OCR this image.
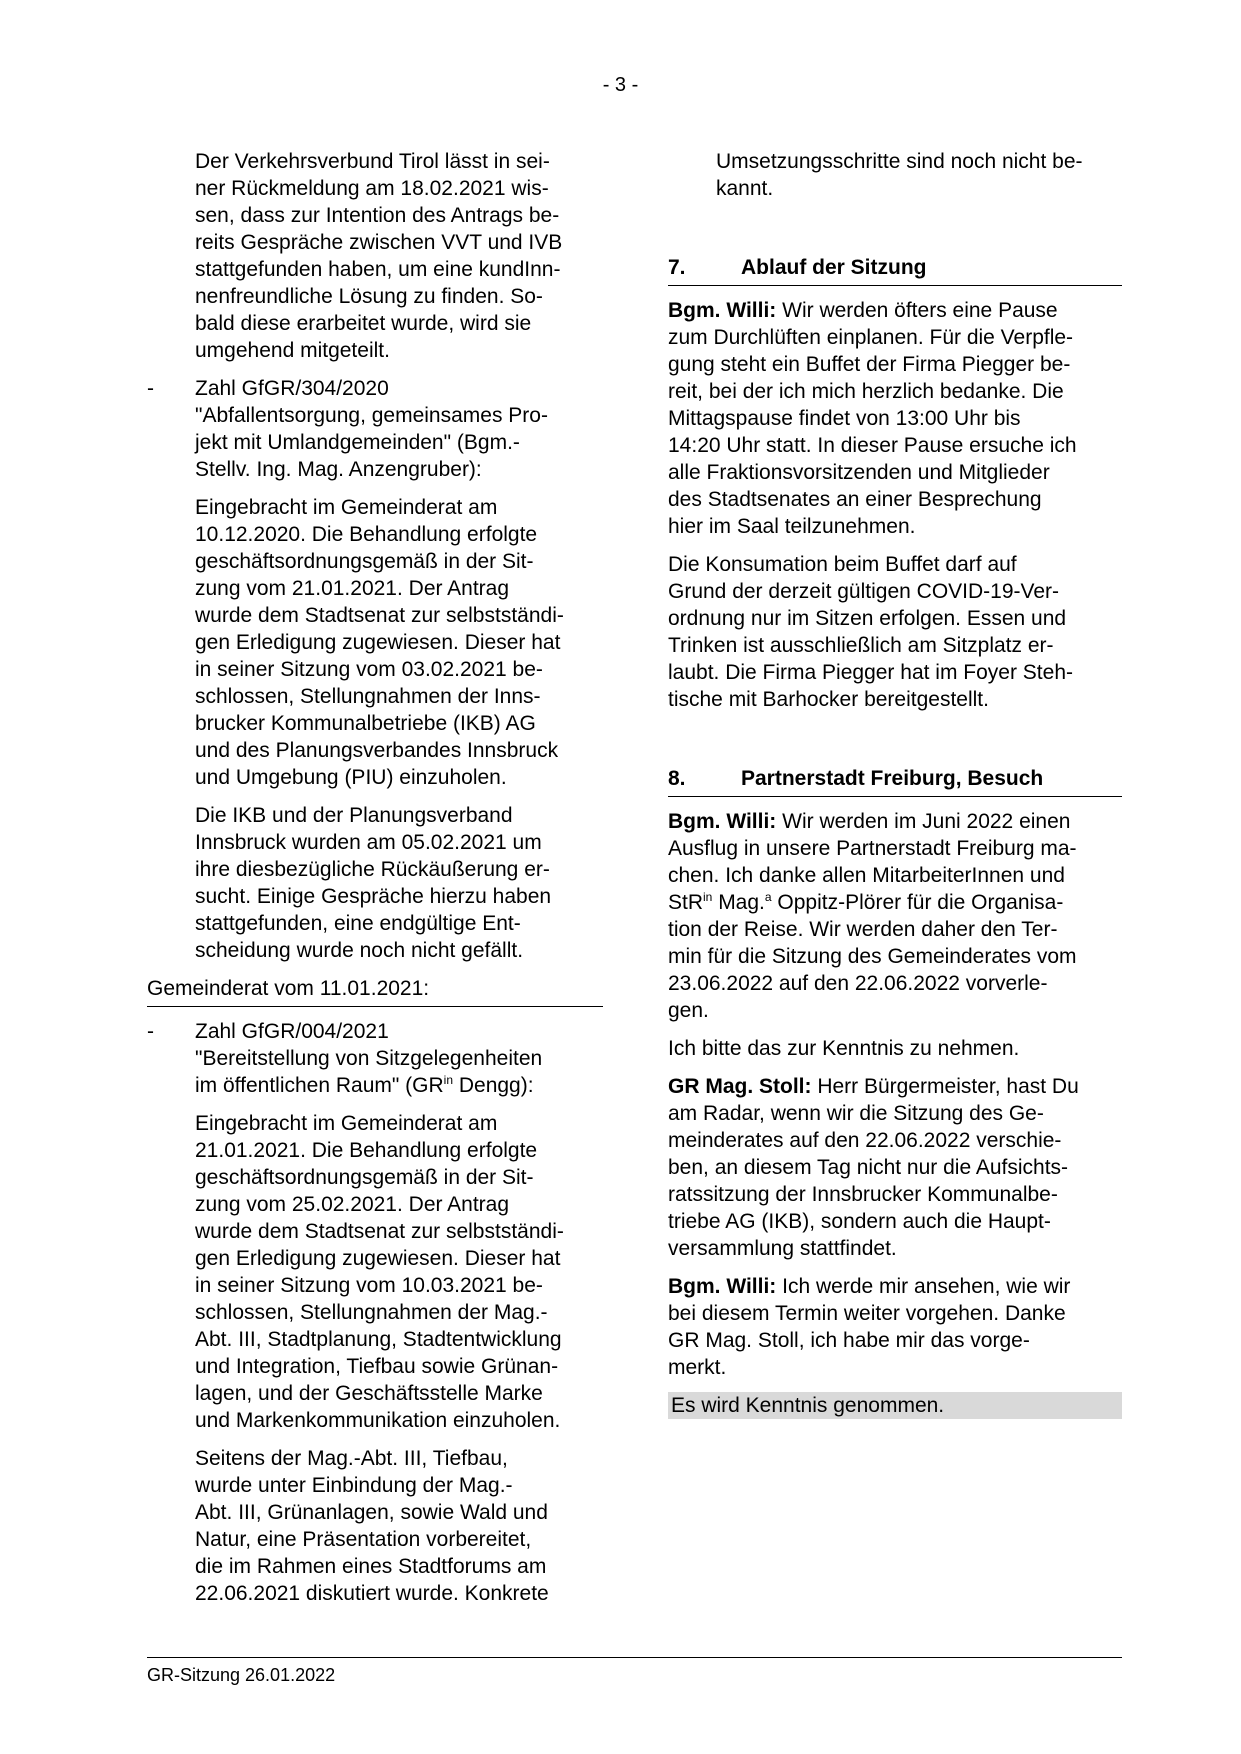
- 3 -
Der Verkehrsverbund Tirol lässt in sei-
ner Rückmeldung am 18.02.2021 wis-
sen, dass zur Intention des Antrags be-
reits Gespräche zwischen VVT und IVB
stattgefunden haben, um eine kundInn-
nenfreundliche Lösung zu finden. So-
bald diese erarbeitet wurde, wird sie
umgehend mitgeteilt.
- Zahl GfGR/304/2020
"Abfallentsorgung, gemeinsames Pro-
jekt mit Umlandgemeinden" (Bgm.-
Stellv. Ing. Mag. Anzengruber):
Eingebracht im Gemeinderat am
10.12.2020. Die Behandlung erfolgte
geschäftsordnungsgemäß in der Sit-
zung vom 21.01.2021. Der Antrag
wurde dem Stadtsenat zur selbstständi-
gen Erledigung zugewiesen. Dieser hat
in seiner Sitzung vom 03.02.2021 be-
schlossen, Stellungnahmen der Inns-
brucker Kommunalbetriebe (IKB) AG
und des Planungsverbandes Innsbruck
und Umgebung (PIU) einzuholen.
Die IKB und der Planungsverband
Innsbruck wurden am 05.02.2021 um
ihre diesbezügliche Rückäußerung er-
sucht. Einige Gespräche hierzu haben
stattgefunden, eine endgültige Ent-
scheidung wurde noch nicht gefällt.
Gemeinderat vom 11.01.2021:
- Zahl GfGR/004/2021
"Bereitstellung von Sitzgelegenheiten
im öffentlichen Raum" ($GR^{in}$ Dengg):
Eingebracht im Gemeinderat am
21.01.2021. Die Behandlung erfolgte
geschäftsordnungsgemäß in der Sit-
zung vom 25.02.2021. Der Antrag
wurde dem Stadtsenat zur selbstständi-
gen Erledigung zugewiesen. Dieser hat
in seiner Sitzung vom 10.03.2021 be-
schlossen, Stellungnahmen der Mag.-
Abt. III, Stadtplanung, Stadtentwicklung
und Integration, Tiefbau sowie Grünan-
lagen, und der Geschäftsstelle Marke
und Markenkommunikation einzuholen.
Seitens der Mag.-Abt. III, Tiefbau,
wurde unter Einbindung der Mag.-
Abt. III, Grünanlagen, sowie Wald und
Natur, eine Präsentation vorbereitet,
die im Rahmen eines Stadtforums am
22.06.2021 diskutiert wurde. Konkrete
Umsetzungsschritte sind noch nicht be-
kannt.
7.	Ablauf der Sitzung
Bgm. Willi: Wir werden öfters eine Pause
zum Durchlüften einplanen. Für die Verpfle-
gung steht ein Buffet der Firma Piegger be-
reit, bei der ich mich herzlich bedanke. Die
Mittagspause findet von 13:00 Uhr bis
14:20 Uhr statt. In dieser Pause ersuche ich
alle Fraktionsvorsitzenden und Mitglieder
des Stadtsenates an einer Besprechung
hier im Saal teilzunehmen.
Die Konsumation beim Buffet darf auf
Grund der derzeit gültigen COVID-19-Ver-
ordnung nur im Sitzen erfolgen. Essen und
Trinken ist ausschließlich am Sitzplatz er-
laubt. Die Firma Piegger hat im Foyer Steh-
tische mit Barhocker bereitgestellt.
8.	Partnerstadt Freiburg, Besuch
Bgm. Willi: Wir werden im Juni 2022 einen
Ausflug in unsere Partnerstadt Freiburg ma-
chen. Ich danke allen MitarbeiterInnen und
StR$^{in}$ Mag.$^a$ Oppitz-Plörer für die Organisa-
tion der Reise. Wir werden daher den Ter-
min für die Sitzung des Gemeinderates vom
23.06.2022 auf den 22.06.2022 vorverle-
gen.
Ich bitte das zur Kenntnis zu nehmen.
GR Mag. Stoll: Herr Bürgermeister, hast Du
am Radar, wenn wir die Sitzung des Ge-
meinderates auf den 22.06.2022 verschie-
ben, an diesem Tag nicht nur die Aufsichts-
ratssitzung der Innsbrucker Kommunalbe-
triebe AG (IKB), sondern auch die Haupt-
versammlung stattfindet.
Bgm. Willi: Ich werde mir ansehen, wie wir
bei diesem Termin weiter vorgehen. Danke
GR Mag. Stoll, ich habe mir das vorge-
merkt.
Es wird Kenntnis genommen.
GR-Sitzung 26.01.2022
